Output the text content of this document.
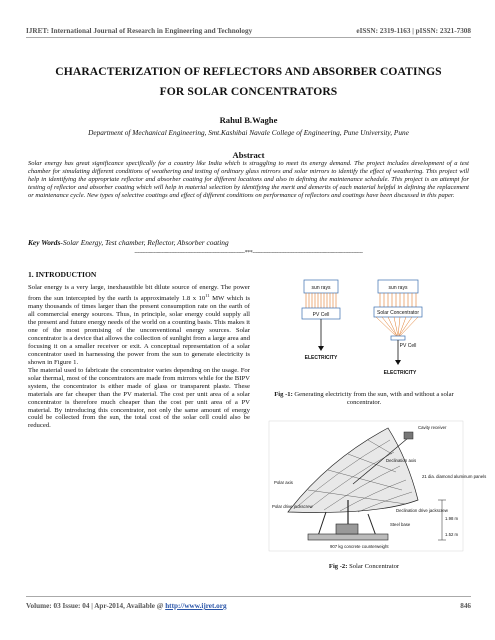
IJRET: International Journal of Research in Engineering and Technology	eISSN: 2319-1163 | pISSN: 2321-7308
CHARACTERIZATION OF REFLECTORS AND ABSORBER COATINGS
FOR SOLAR CONCENTRATORS
Rahul B.Waghe
Department of Mechanical Engineering, Smt.Kashibai Navale College of Engineering, Pune University, Pune
Abstract
Solar energy has great significance specifically for a country like India which is struggling to meet its energy demand. The project includes development of a test chamber for simulating different conditions of weathering and testing of ordinary glass mirrors and solar mirrors to identify the effect of weathering. This project will help in identifying the appropriate reflector and absorber coating for different locations and also in defining the maintenance schedule. This project is an attempt for testing of reflector and absorber coating which will help in material selection by identifying the merit and demerits of each material helpful in defining the replacement or maintenance cycle. New types of selective coatings and effect of different conditions on performance of reflectors and coatings have been discussed in this paper.
Key Words-Solar Energy, Test chamber, Reflector, Absorber coating
---------------------------------------------------------------------***---------------------------------------------------------------------
1. INTRODUCTION

Solar energy is a very large, inexhaustible bit dilute source of energy. The power from the sun intercepted by the earth is approximately 1.8 x $10^{11}$ MW which is many thousands of times larger than the present consumption rate on the earth of all commercial energy sources. Thus, in principle, solar energy could supply all the present and future energy needs of the world on a counting basis. This makes it one of the most promising of the unconventional energy sources. Solar concentrator is a device that allows the collection of sunlight from a large area and focusing it on a smaller receiver or exit. A conceptual representation of a solar concentrator used in harnessing the power from the sun to generate electricity is shown in Figure 1.

The material used to fabricate the concentrator varies depending on the usage. For solar thermal, most of the concentrators are made from mirrors while for the BIPV system, the concentrator is either made of glass or transparent plaste. These materials are far cheaper than the PV material. The cost per unit area of a solar concentrator is therefore much cheaper than the cost per unit area of a PV material. By introducing this concentrator, not only the same amount of energy could be collected from the sun, the total cost of the solar cell could also be reduced.

sun rays
PV Cell
ELECTRICITY
sun rays
Solar Concentrator
PV Cell
ELECTRICITY
Fig -1: Generating electricity from the sun, with and without a solar concentrator.
Cavity receiver
Declination axis
Polar axis
21 dia. diamond aluminum panels
Polar drive jackscrew
Declination drive jackscrew
Steel base
907 kg concrete counterweight
1.98 m
1.52 m
Fig -2: Solar Concentrator
Volume: 03 Issue: 04 | Apr-2014, Available @ http://www.ijret.org	846
